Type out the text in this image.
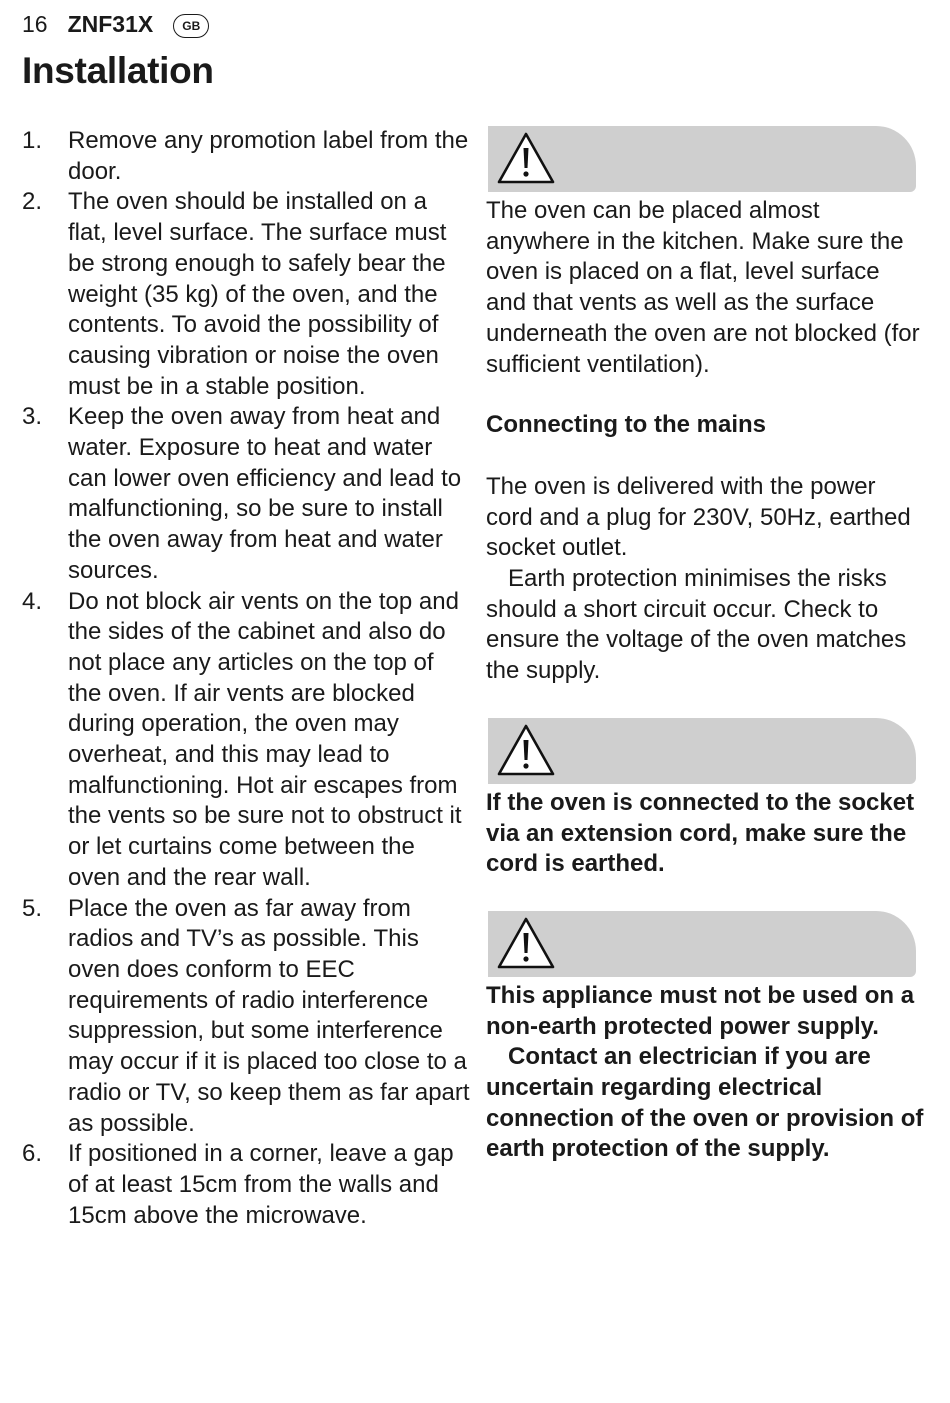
16 ZNF31X	GB
Installation
1. Remove any promotion label from the door.
2. The oven should be installed on a flat, level surface. The surface must be strong enough to safely bear the weight (35 kg) of the oven, and the contents. To avoid the possibility of causing vibration or noise the oven must be in a stable position.
3. Keep the oven away from heat and water. Exposure to heat and water can lower oven efficiency and lead to malfunctioning, so be sure to install the oven away from heat and water sources.
4. Do not block air vents on the top and the sides of the cabinet and also do not place any articles on the top of the oven. If air vents are blocked during operation, the oven may overheat, and this may lead to malfunctioning. Hot air escapes from the vents so be sure not to obstruct it or let curtains come between the oven and the rear wall.
5. Place the oven as far away from radios and TV’s as possible. This oven does conform to EEC requirements of radio interference suppression, but some interference may occur if it is placed too close to a radio or TV, so keep them as far apart as possible.
6. If positioned in a corner, leave a gap of at least 15cm from the walls and 15cm above the microwave.

The oven can be placed almost anywhere in the kitchen. Make sure the oven is placed on a flat, level surface and that vents as well as the surface underneath the oven are not blocked (for sufficient ventilation).

Connecting to the mains

The oven is delivered with the power cord and a plug for 230V, 50Hz, earthed socket outlet.

Earth protection minimises the risks should a short circuit occur. Check to ensure the voltage of the oven matches the supply.

If the oven is connected to the socket via an extension cord, make sure the cord is earthed.

This appliance must not be used on a non-earth protected power supply.

Contact an electrician if you are uncertain regarding electrical connection of the oven or provision of earth protection of the supply.
